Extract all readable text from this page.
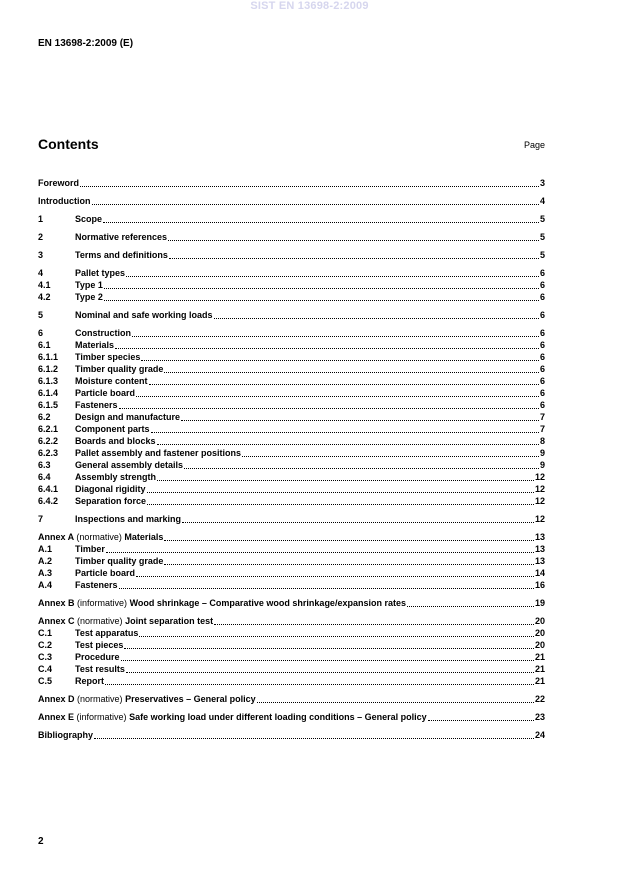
SIST EN 13698-2:2009
EN 13698-2:2009 (E)
Contents	Page
Foreword	3
Introduction	4
1	Scope	5
2	Normative references	5
3	Terms and definitions	5
4	Pallet types	6
4.1	Type 1	6
4.2	Type 2	6
5	Nominal and safe working loads	6
6	Construction	6
6.1	Materials	6
6.1.1	Timber species	6
6.1.2	Timber quality grade	6
6.1.3	Moisture content	6
6.1.4	Particle board	6
6.1.5	Fasteners	6
6.2	Design and manufacture	7
6.2.1	Component parts	7
6.2.2	Boards and blocks	8
6.2.3	Pallet assembly and fastener positions	9
6.3	General assembly details	9
6.4	Assembly strength	12
6.4.1	Diagonal rigidity	12
6.4.2	Separation force	12
7	Inspections and marking	12
Annex A (normative) Materials	13
A.1	Timber	13
A.2	Timber quality grade	13
A.3	Particle board	14
A.4	Fasteners	16
Annex B (informative) Wood shrinkage – Comparative wood shrinkage/expansion rates	19
Annex C (normative) Joint separation test	20
C.1	Test apparatus	20
C.2	Test pieces	20
C.3	Procedure	21
C.4	Test results	21
C.5	Report	21
Annex D (normative) Preservatives – General policy	22
Annex E (informative) Safe working load under different loading conditions – General policy	23
Bibliography	24
2
